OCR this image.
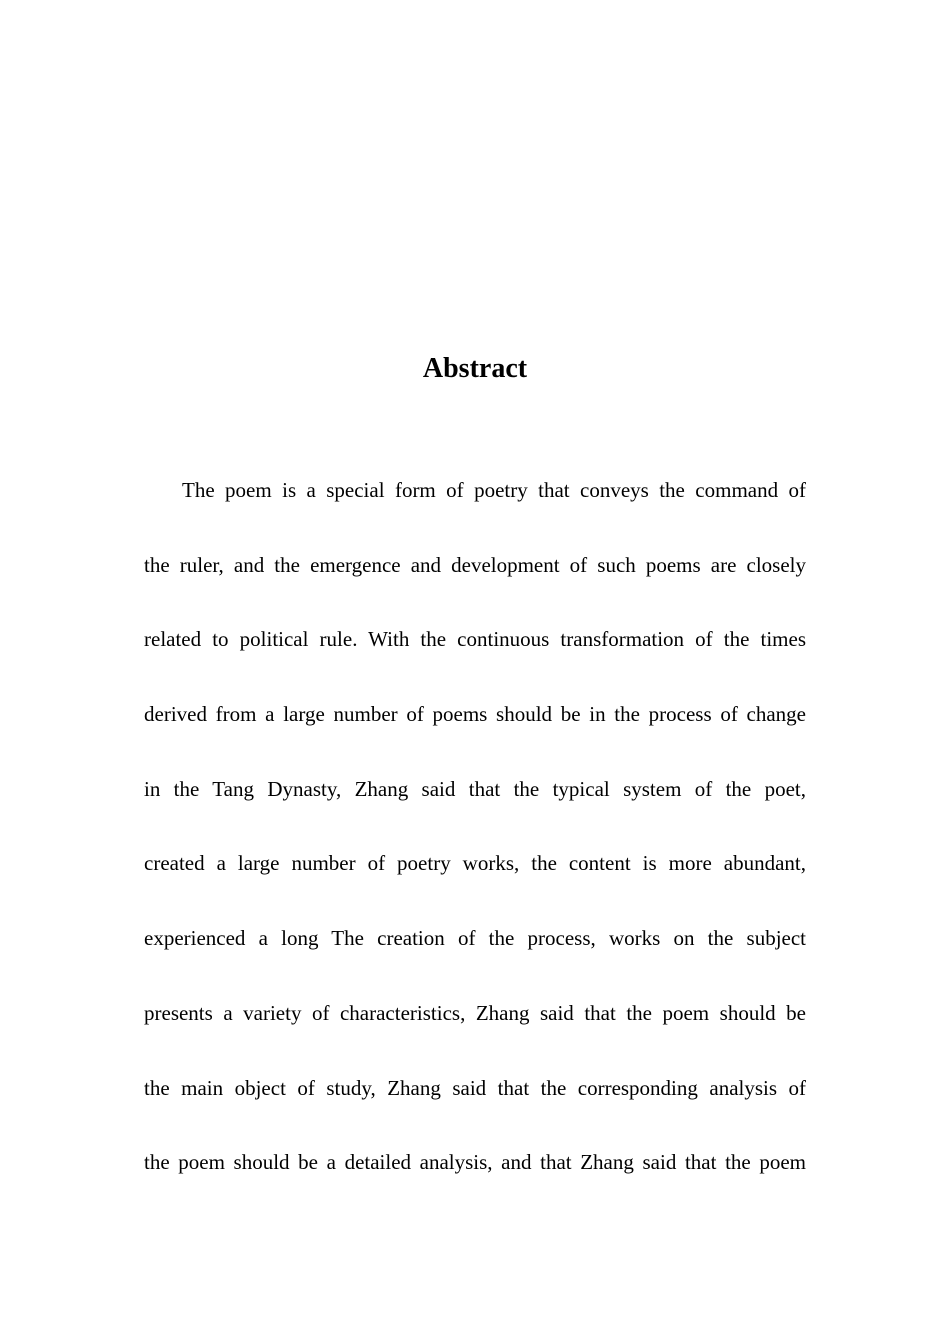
Abstract
The poem is a special form of poetry that conveys the command of
the ruler, and the emergence and development of such poems are closely
related to political rule. With the continuous transformation of the times
derived from a large number of poems should be in the process of change
in the Tang Dynasty, Zhang said that the typical system of the poet,
created a large number of poetry works, the content is more abundant,
experienced a long The creation of the process, works on the subject
presents a variety of characteristics, Zhang said that the poem should be
the main object of study, Zhang said that the corresponding analysis of
the poem should be a detailed analysis, and that Zhang said that the poem
